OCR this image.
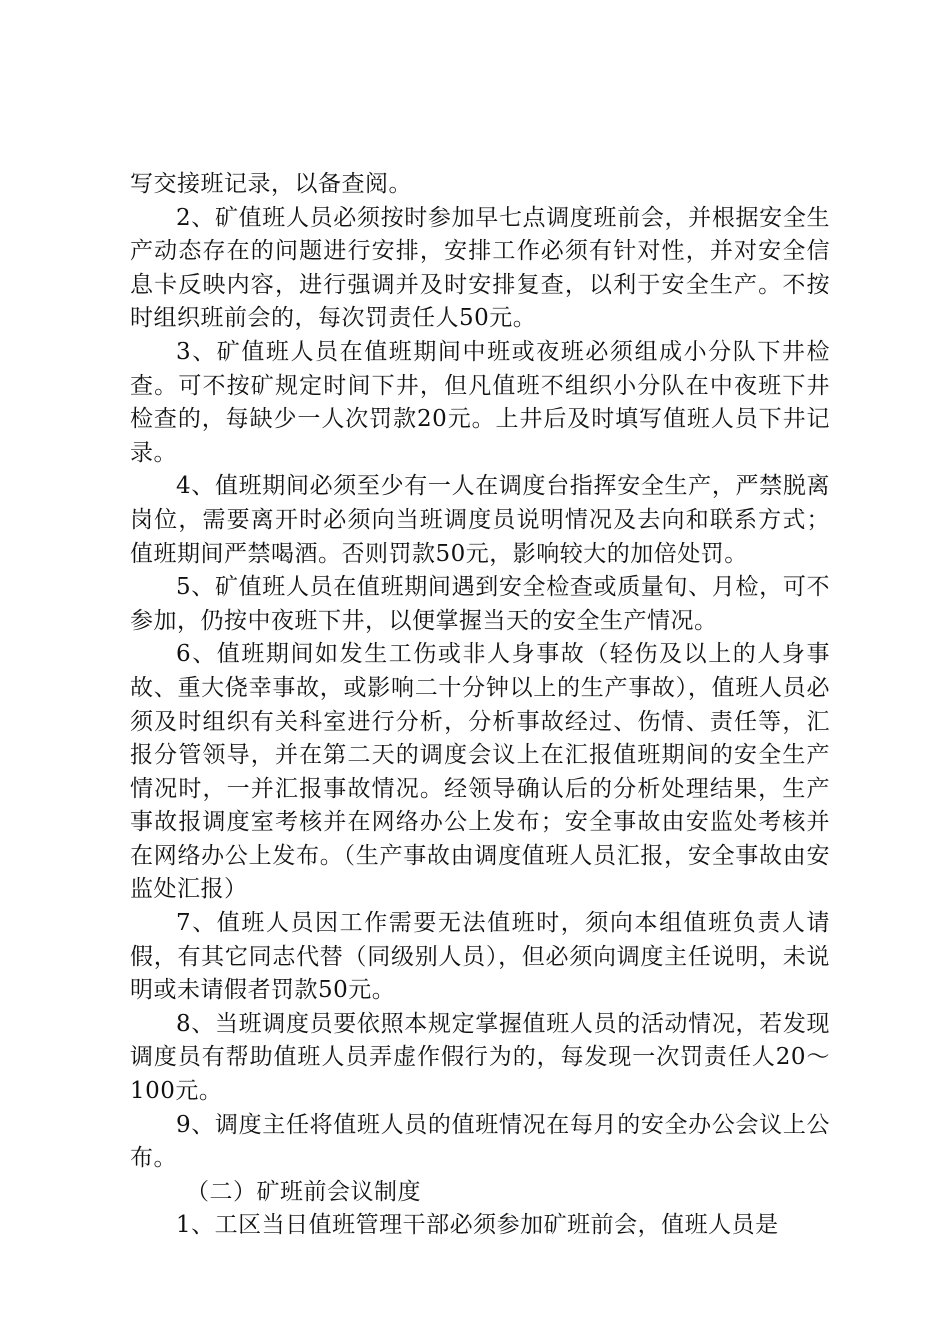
写交接班记录，以备查阅。

2、矿值班人员必须按时参加早七点调度班前会，并根据安全生产动态存在的问题进行安排，安排工作必须有针对性，并对安全信息卡反映内容，进行强调并及时安排复查，以利于安全生产。不按时组织班前会的，每次罚责任人50元。

3、矿值班人员在值班期间中班或夜班必须组成小分队下井检查。可不按矿规定时间下井，但凡值班不组织小分队在中夜班下井检查的，每缺少一人次罚款20元。上井后及时填写值班人员下井记录。

4、值班期间必须至少有一人在调度台指挥安全生产，严禁脱离岗位，需要离开时必须向当班调度员说明情况及去向和联系方式；值班期间严禁喝酒。否则罚款50元，影响较大的加倍处罚。

5、矿值班人员在值班期间遇到安全检查或质量旬、月检，可不参加，仍按中夜班下井，以便掌握当天的安全生产情况。

6、值班期间如发生工伤或非人身事故（轻伤及以上的人身事故、重大侥幸事故，或影响二十分钟以上的生产事故），值班人员必须及时组织有关科室进行分析，分析事故经过、伤情、责任等，汇报分管领导，并在第二天的调度会议上在汇报值班期间的安全生产情况时，一并汇报事故情况。经领导确认后的分析处理结果，生产事故报调度室考核并在网络办公上发布；安全事故由安监处考核并在网络办公上发布。（生产事故由调度值班人员汇报，安全事故由安监处汇报）

7、值班人员因工作需要无法值班时，须向本组值班负责人请假，有其它同志代替（同级别人员），但必须向调度主任说明，未说明或未请假者罚款50元。

8、当班调度员要依照本规定掌握值班人员的活动情况，若发现调度员有帮助值班人员弄虚作假行为的，每发现一次罚责任人20～100元。

9、调度主任将值班人员的值班情况在每月的安全办公会议上公布。

（二）矿班前会议制度

1、工区当日值班管理干部必须参加矿班前会，值班人员是
